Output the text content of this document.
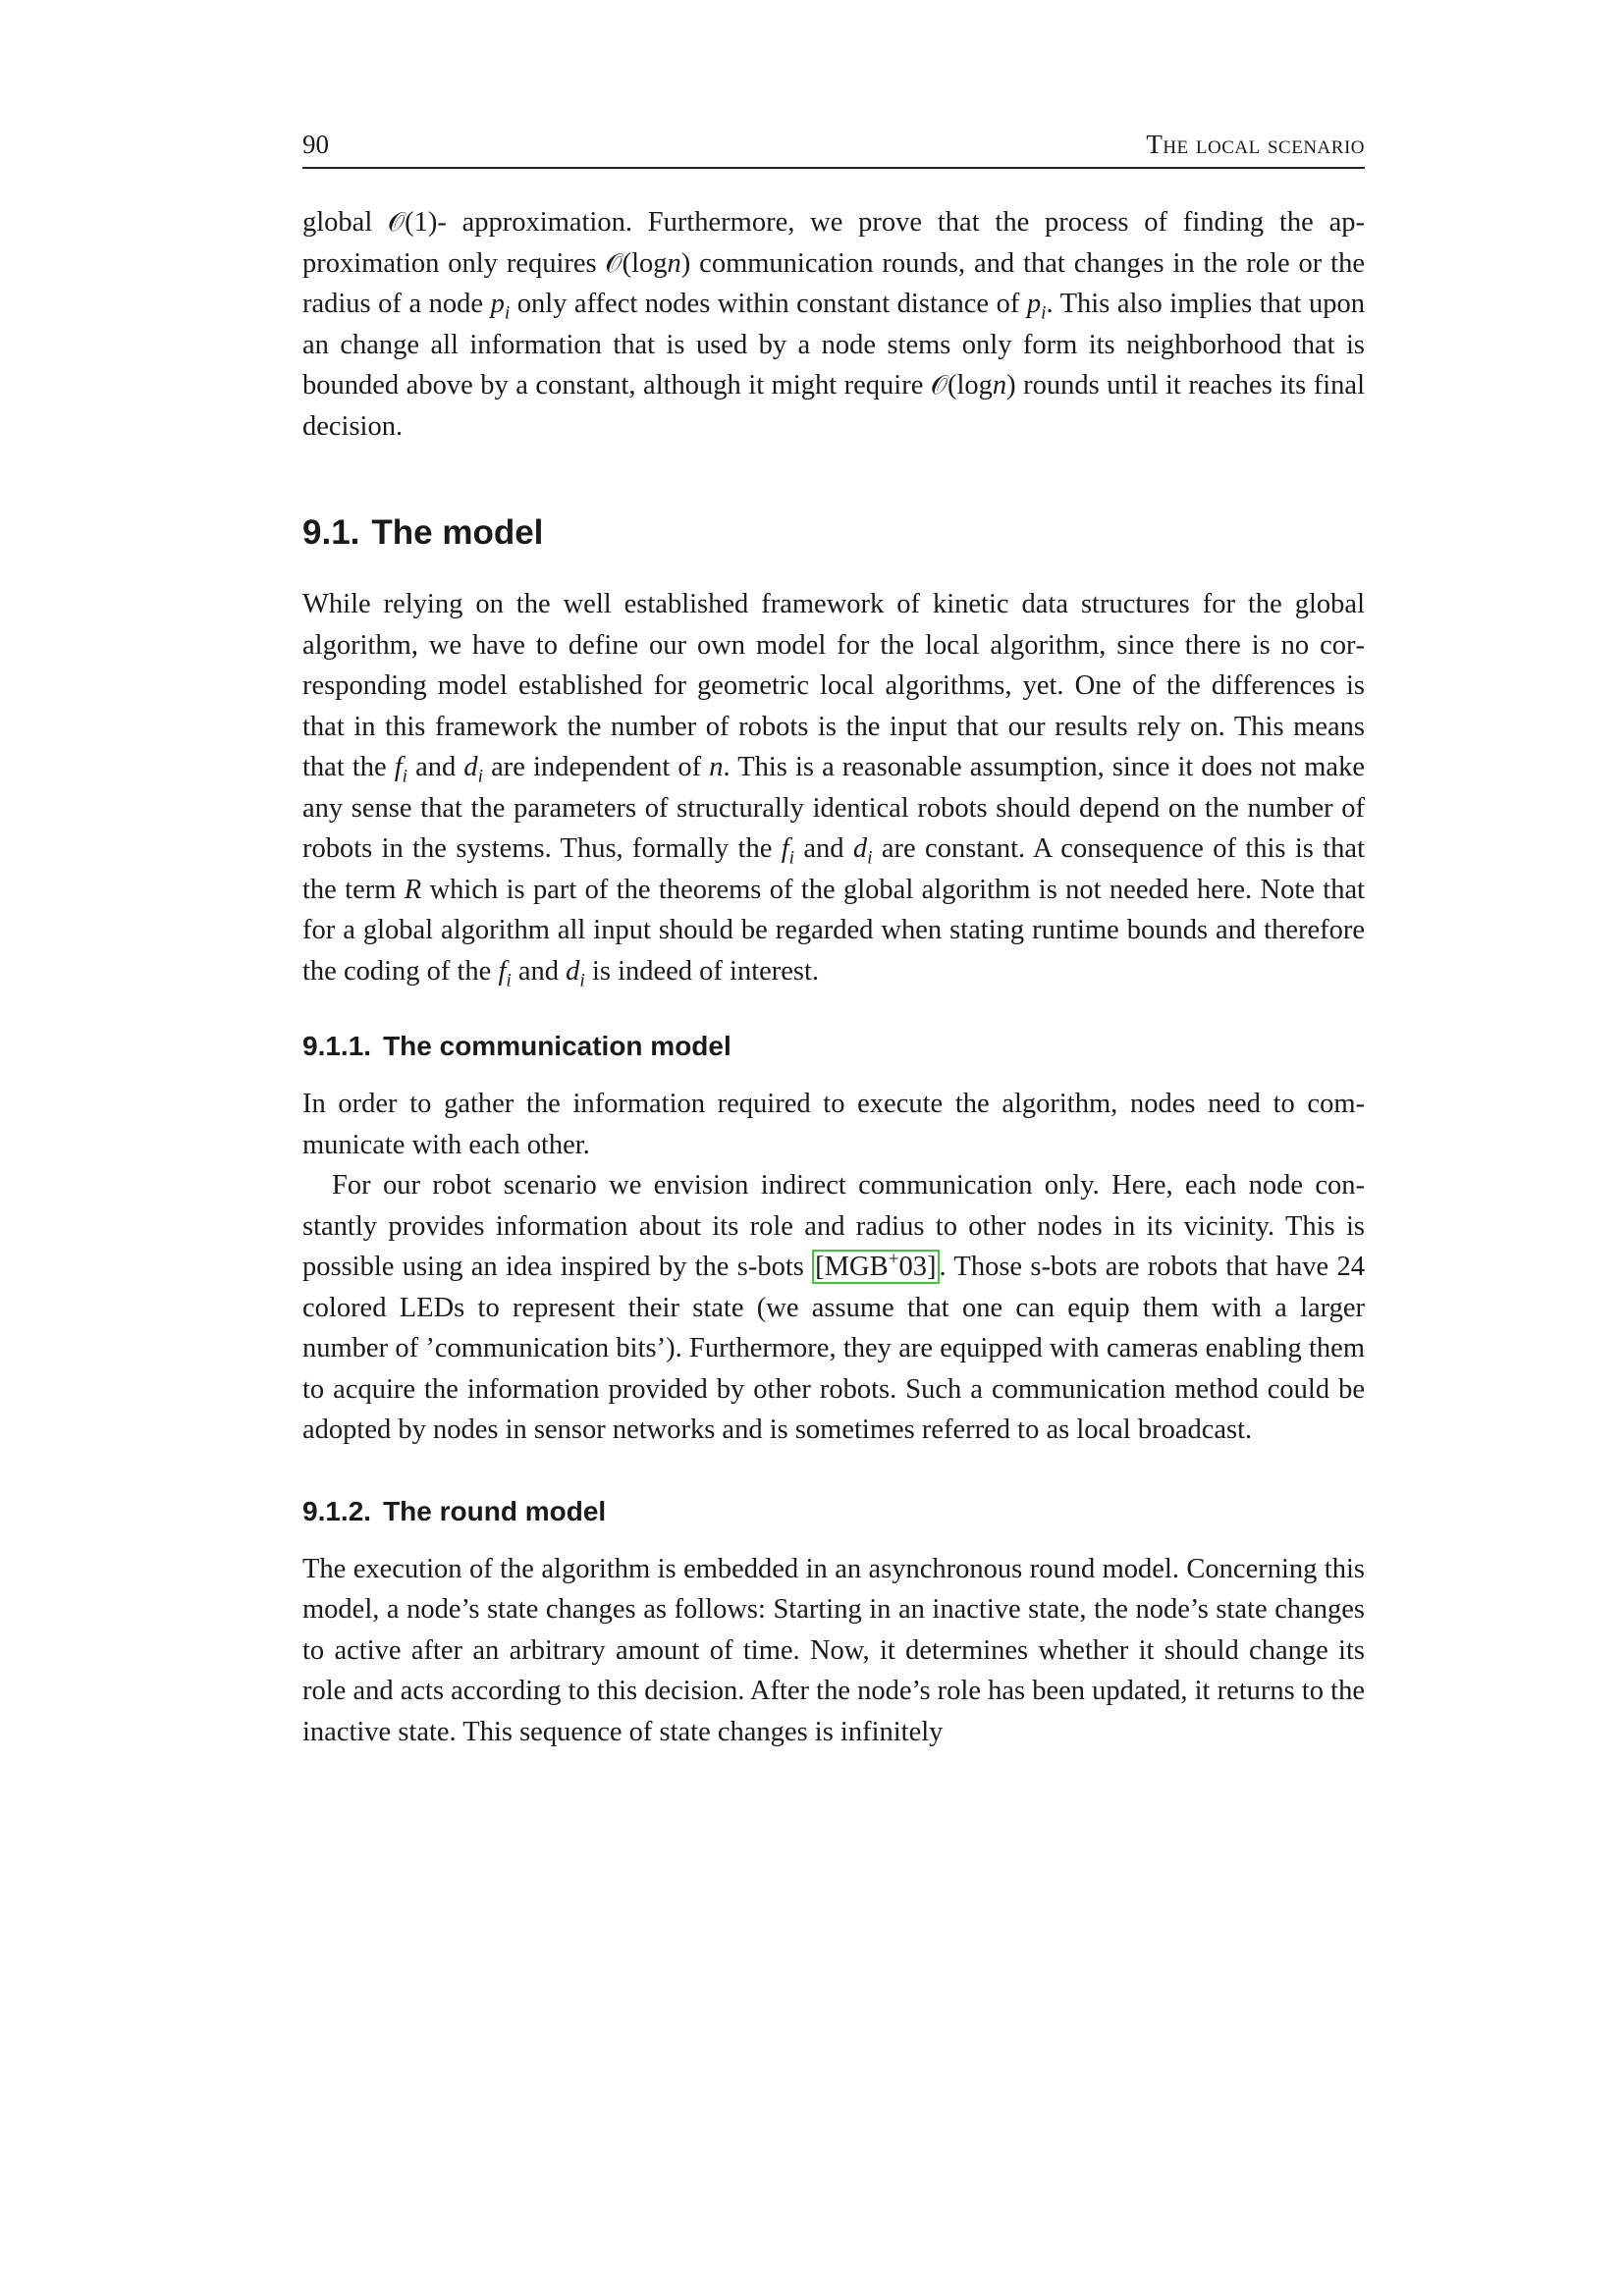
90	The local scenario

global 𝒪(1)- approximation. Furthermore, we prove that the process of finding the approximation only requires 𝒪(logn) communication rounds, and that changes in the role or the radius of a node $p_i$ only affect nodes within constant distance of $p_i$. This also implies that upon an change all information that is used by a node stems only form its neighborhood that is bounded above by a constant, although it might require 𝒪(logn) rounds until it reaches its final decision.

9.1. The model

While relying on the well established framework of kinetic data structures for the global algorithm, we have to define our own model for the local algorithm, since there is no corresponding model established for geometric local algorithms, yet. One of the differences is that in this framework the number of robots is the input that our results rely on. This means that the $f_i$ and $d_i$ are independent of n. This is a reasonable assumption, since it does not make any sense that the parameters of structurally identical robots should depend on the number of robots in the systems. Thus, formally the $f_i$ and $d_i$ are constant. A consequence of this is that the term R which is part of the theorems of the global algorithm is not needed here. Note that for a global algorithm all input should be regarded when stating runtime bounds and therefore the coding of the $f_i$ and $d_i$ is indeed of interest.

9.1.1. The communication model

In order to gather the information required to execute the algorithm, nodes need to communicate with each other.

For our robot scenario we envision indirect communication only. Here, each node constantly provides information about its role and radius to other nodes in its vicinity. This is possible using an idea inspired by the s-bots [MGB+03] . Those s-bots are robots that have 24 colored LEDs to represent their state (we assume that one can equip them with a larger number of ’communication bits’). Furthermore, they are equipped with cameras enabling them to acquire the information provided by other robots. Such a communication method could be adopted by nodes in sensor networks and is sometimes referred to as local broadcast.

9.1.2. The round model

The execution of the algorithm is embedded in an asynchronous round model. Concerning this model, a node’s state changes as follows: Starting in an inactive state, the node’s state changes to active after an arbitrary amount of time. Now, it determines whether it should change its role and acts according to this decision. After the node’s role has been updated, it returns to the inactive state. This sequence of state changes is infinitely
